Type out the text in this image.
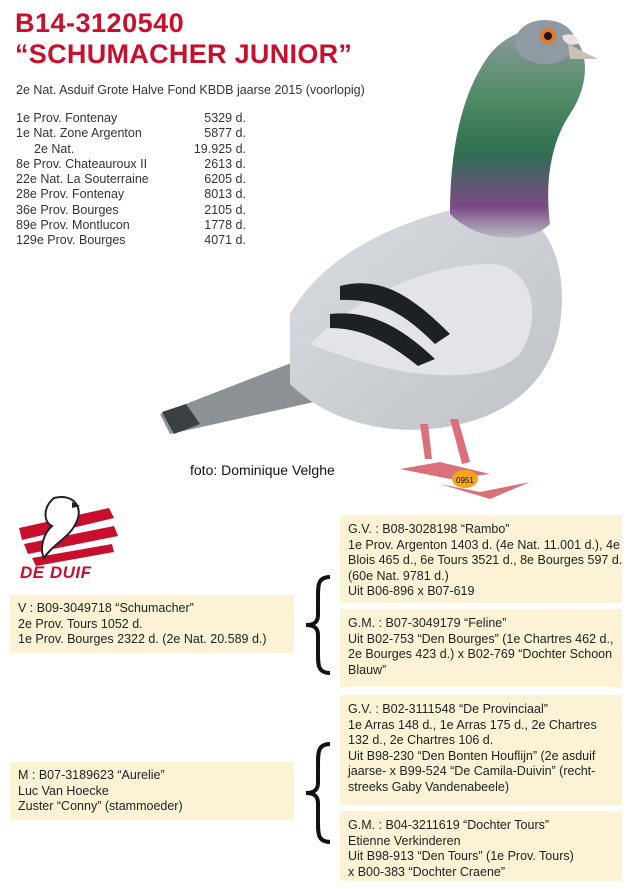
B14-3120540
“SCHUMACHER JUNIOR”
2e Nat. Asduif Grote Halve Fond KBDB jaarse 2015 (voorlopig)
1e Prov. Fontenay	5329 d.
1e Nat. Zone Argenton	5877 d.
2e Nat.	19.925 d.
8e Prov. Chateauroux II	2613 d.
22e Nat. La Souterraine	6205 d.
28e Prov. Fontenay	8013 d.
36e Prov. Bourges	2105 d.
89e Prov. Montlucon	1778 d.
129e Prov. Bourges	4071 d.
0951
foto: Dominique Velghe
DE DUIF
G.V. : B08-3028198 “Rambo”
1e Prov. Argenton 1403 d. (4e Nat. 11.001 d.), 4e
Blois 465 d., 6e Tours 3521 d., 8e Bourges 597 d.
(60e Nat. 9781 d.)
Uit B06-896 x B07-619
G.M. : B07-3049179 “Feline”
Uit B02-753 “Den Bourges” (1e Chartres 462 d.,
2e Bourges 423 d.) x B02-769 “Dochter Schoon
Blauw”
V : B09-3049718 “Schumacher”
2e Prov. Tours 1052 d.
1e Prov. Bourges 2322 d. (2e Nat. 20.589 d.)
G.V. : B02-3111548 “De Provinciaal”
1e Arras 148 d., 1e Arras 175 d., 2e Chartres
132 d., 2e Chartres 106 d.
Uit B98-230 “Den Bonten Houflijn” (2e asduif
jaarse- x B99-524 “De Camila-Duivin” (recht-
streeks Gaby Vandenabeele)
M : B07-3189623 “Aurelie”
Luc Van Hoecke
Zuster “Conny” (stammoeder)
G.M. : B04-3211619 “Dochter Tours”
Etienne Verkinderen
Uit B98-913 “Den Tours” (1e Prov. Tours)
x B00-383 “Dochter Craene”
